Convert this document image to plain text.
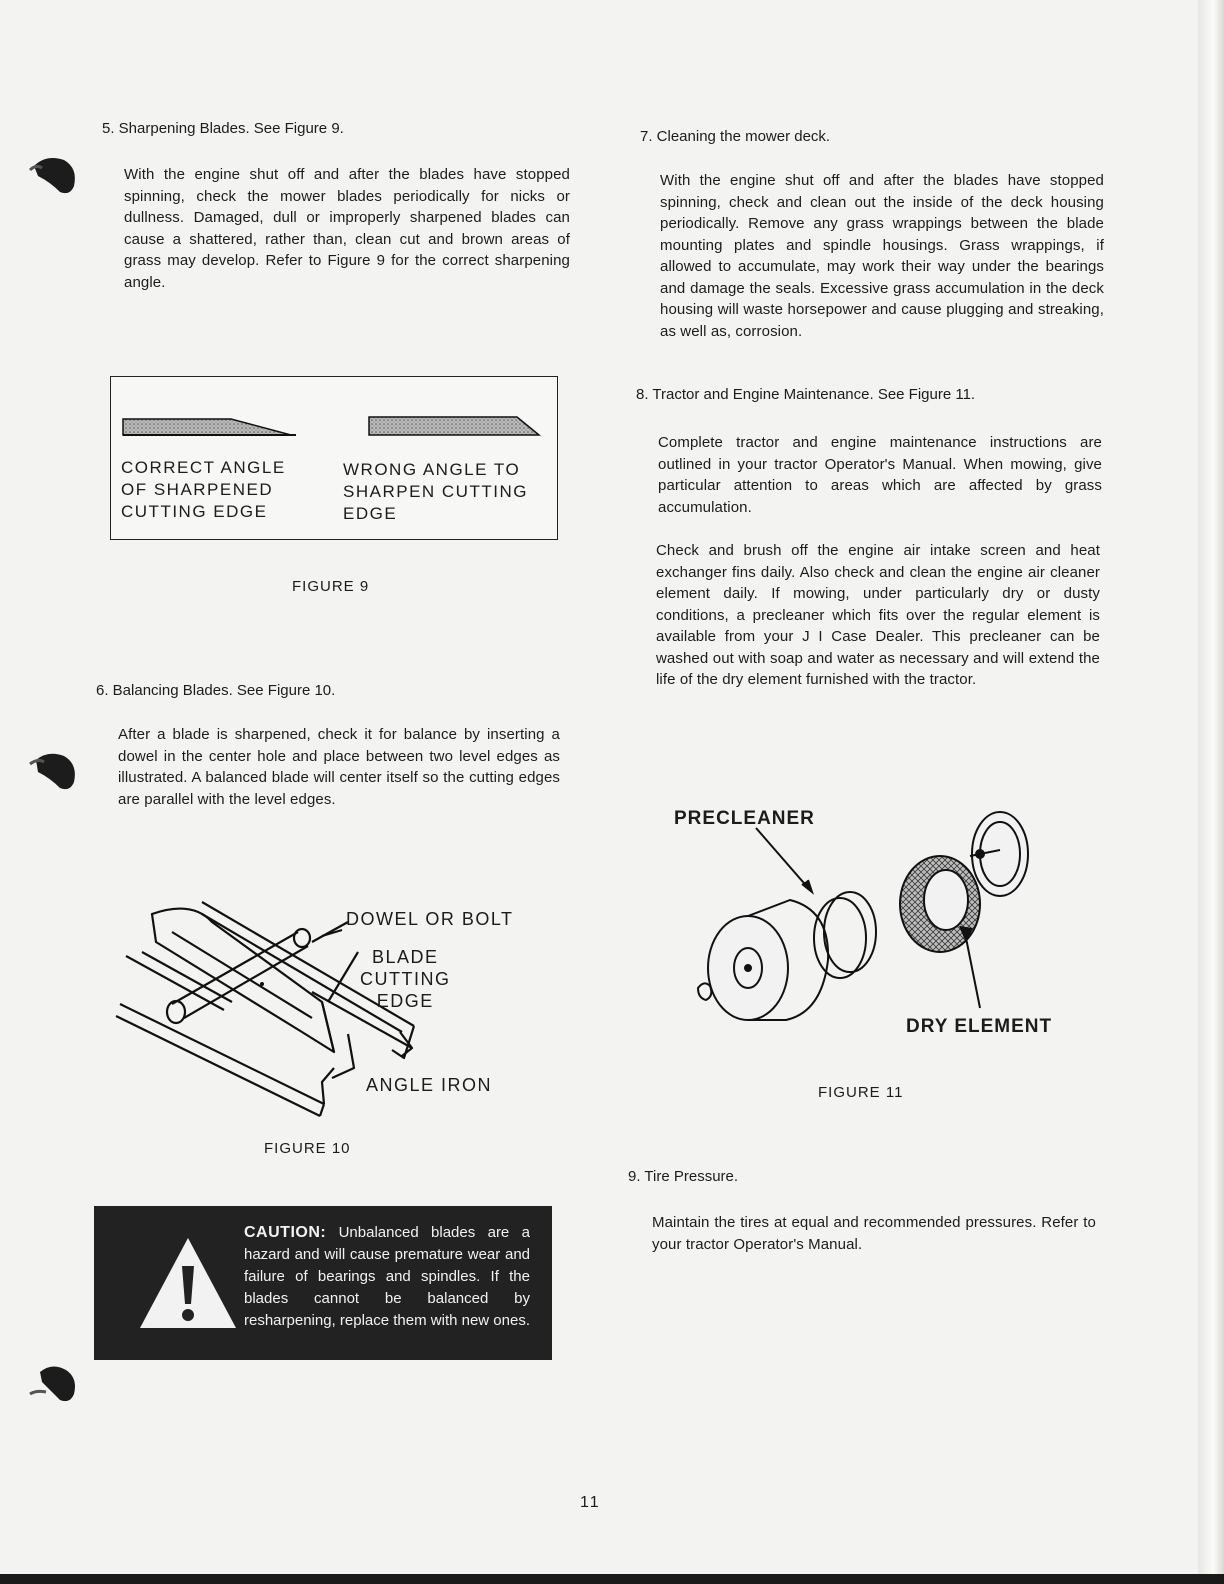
5. Sharpening Blades. See Figure 9.
With the engine shut off and after the blades have stopped spinning, check the mower blades periodically for nicks or dullness. Damaged, dull or improperly sharpened blades can cause a shattered, rather than, clean cut and brown areas of grass may develop. Refer to Figure 9 for the correct sharpening angle.
CORRECT ANGLE
OF SHARPENED
CUTTING EDGE
WRONG ANGLE TO
SHARPEN CUTTING
EDGE
FIGURE 9
6. Balancing Blades. See Figure 10.
After a blade is sharpened, check it for balance by inserting a dowel in the center hole and place between two level edges as illustrated. A balanced blade will center itself so the cutting edges are parallel with the level edges.
DOWEL OR BOLT
BLADE
CUTTING
EDGE
ANGLE IRON
FIGURE 10
CAUTION: Unbalanced blades are a hazard and will cause premature wear and failure of bearings and spindles. If the blades cannot be balanced by resharpening, replace them with new ones.
7. Cleaning the mower deck.
With the engine shut off and after the blades have stopped spinning, check and clean out the inside of the deck housing periodically. Remove any grass wrappings between the blade mounting plates and spindle housings. Grass wrappings, if allowed to accumulate, may work their way under the bearings and damage the seals. Excessive grass accumulation in the deck housing will waste horsepower and cause plugging and streaking, as well as, corrosion.
8. Tractor and Engine Maintenance. See Figure 11.
Complete tractor and engine maintenance instructions are outlined in your tractor Operator's Manual. When mowing, give particular attention to areas which are affected by grass accumulation.
Check and brush off the engine air intake screen and heat exchanger fins daily. Also check and clean the engine air cleaner element daily. If mowing, under particularly dry or dusty conditions, a precleaner which fits over the regular element is available from your J I Case Dealer. This precleaner can be washed out with soap and water as necessary and will extend the life of the dry element furnished with the tractor.
PRECLEANER
DRY ELEMENT
FIGURE 11
9. Tire Pressure.
Maintain the tires at equal and recommended pressures. Refer to your tractor Operator's Manual.
11
